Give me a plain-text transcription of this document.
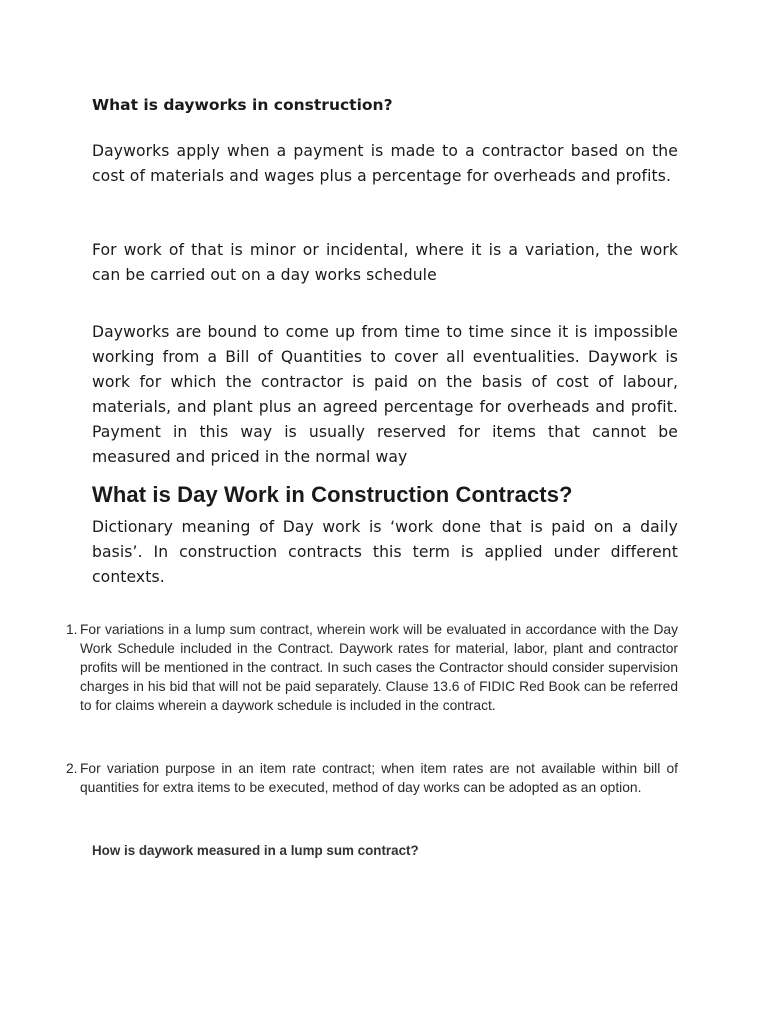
What is dayworks in construction?

Dayworks apply when a payment is made to a contractor based on the cost of materials and wages plus a percentage for overheads and profits.

For work of that is minor or incidental, where it is a variation, the work can be carried out on a day works schedule

Dayworks are bound to come up from time to time since it is impossible working from a Bill of Quantities to cover all eventualities. Daywork is work for which the contractor is paid on the basis of cost of labour, materials, and plant plus an agreed percentage for overheads and profit. Payment in this way is usually reserved for items that cannot be measured and priced in the normal way

What is Day Work in Construction Contracts?

Dictionary meaning of Day work is ‘work done that is paid on a daily basis’. In construction contracts this term is applied under different contexts.

1. For variations in a lump sum contract, wherein work will be evaluated in accordance with the Day Work Schedule included in the Contract. Daywork rates for material, labor, plant and contractor profits will be mentioned in the contract. In such cases the Contractor should consider supervision charges in his bid that will not be paid separately. Clause 13.6 of FIDIC Red Book can be referred to for claims wherein a daywork schedule is included in the contract.
2. For variation purpose in an item rate contract; when item rates are not available within bill of quantities for extra items to be executed, method of day works can be adopted as an option.
How is daywork measured in a lump sum contract?
